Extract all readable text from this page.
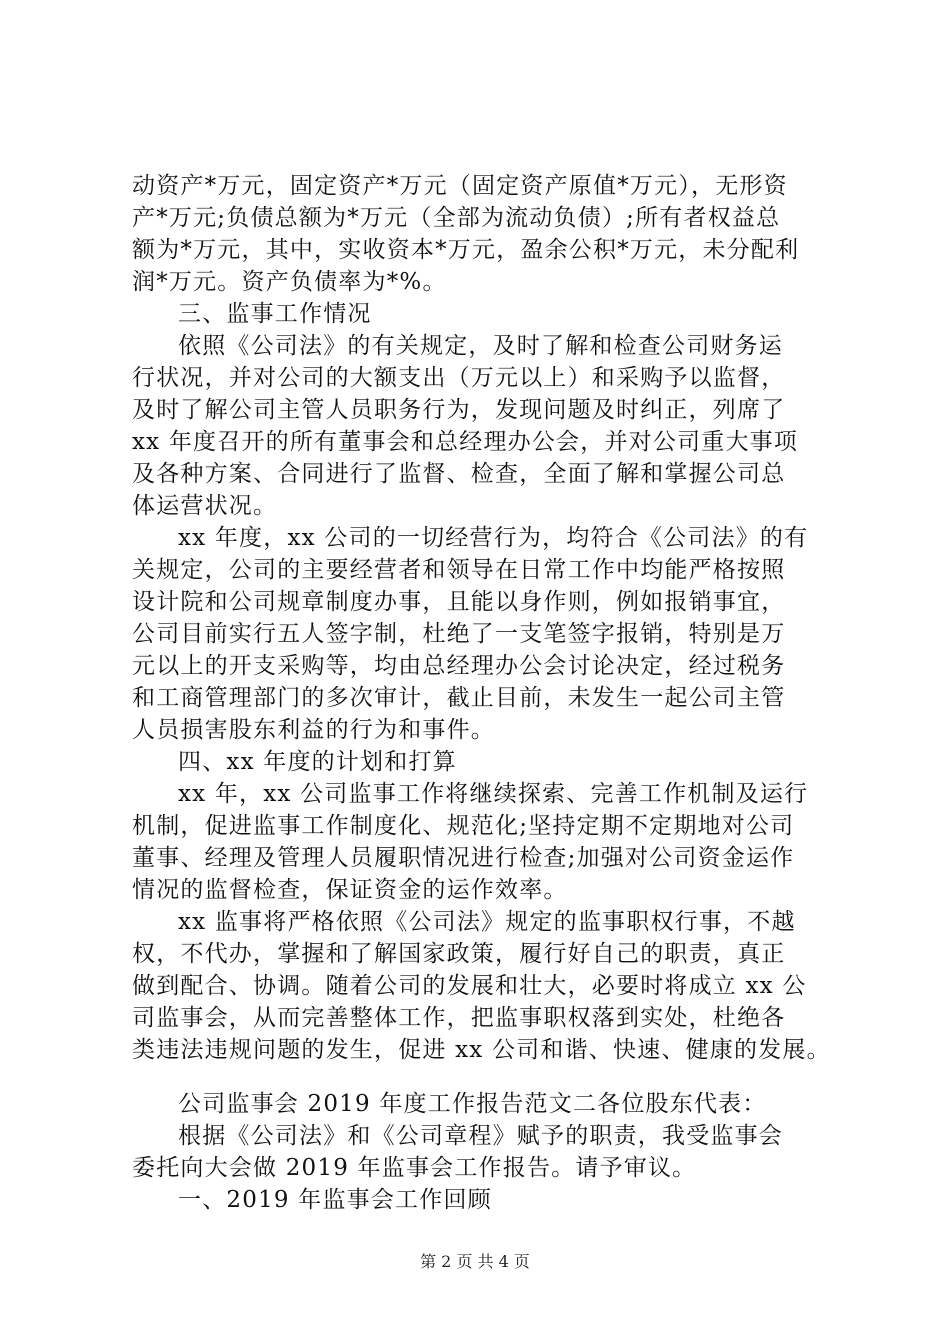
动资产*万元，固定资产*万元（固定资产原值*万元），无形资
产*万元;负债总额为*万元（全部为流动负债）;所有者权益总
额为*万元，其中，实收资本*万元，盈余公积*万元，未分配利
润*万元。资产负债率为*%。
三、监事工作情况
依照《公司法》的有关规定，及时了解和检查公司财务运
行状况，并对公司的大额支出（万元以上）和采购予以监督，
及时了解公司主管人员职务行为，发现问题及时纠正，列席了
xx 年度召开的所有董事会和总经理办公会，并对公司重大事项
及各种方案、合同进行了监督、检查，全面了解和掌握公司总
体运营状况。
xx 年度，xx 公司的一切经营行为，均符合《公司法》的有
关规定，公司的主要经营者和领导在日常工作中均能严格按照
设计院和公司规章制度办事，且能以身作则，例如报销事宜，
公司目前实行五人签字制，杜绝了一支笔签字报销，特别是万
元以上的开支采购等，均由总经理办公会讨论决定，经过税务
和工商管理部门的多次审计，截止目前，未发生一起公司主管
人员损害股东利益的行为和事件。
四、xx 年度的计划和打算
xx 年，xx 公司监事工作将继续探索、完善工作机制及运行
机制，促进监事工作制度化、规范化;坚持定期不定期地对公司
董事、经理及管理人员履职情况进行检查;加强对公司资金运作
情况的监督检查，保证资金的运作效率。
xx 监事将严格依照《公司法》规定的监事职权行事，不越
权，不代办，掌握和了解国家政策，履行好自己的职责，真正
做到配合、协调。随着公司的发展和壮大，必要时将成立 xx 公
司监事会，从而完善整体工作，把监事职权落到实处，杜绝各
类违法违规问题的发生，促进 xx 公司和谐、快速、健康的发展。
公司监事会 2019 年度工作报告范文二各位股东代表：
根据《公司法》和《公司章程》赋予的职责，我受监事会
委托向大会做 2019 年监事会工作报告。请予审议。
一、2019 年监事会工作回顾
第 2 页 共 4 页
